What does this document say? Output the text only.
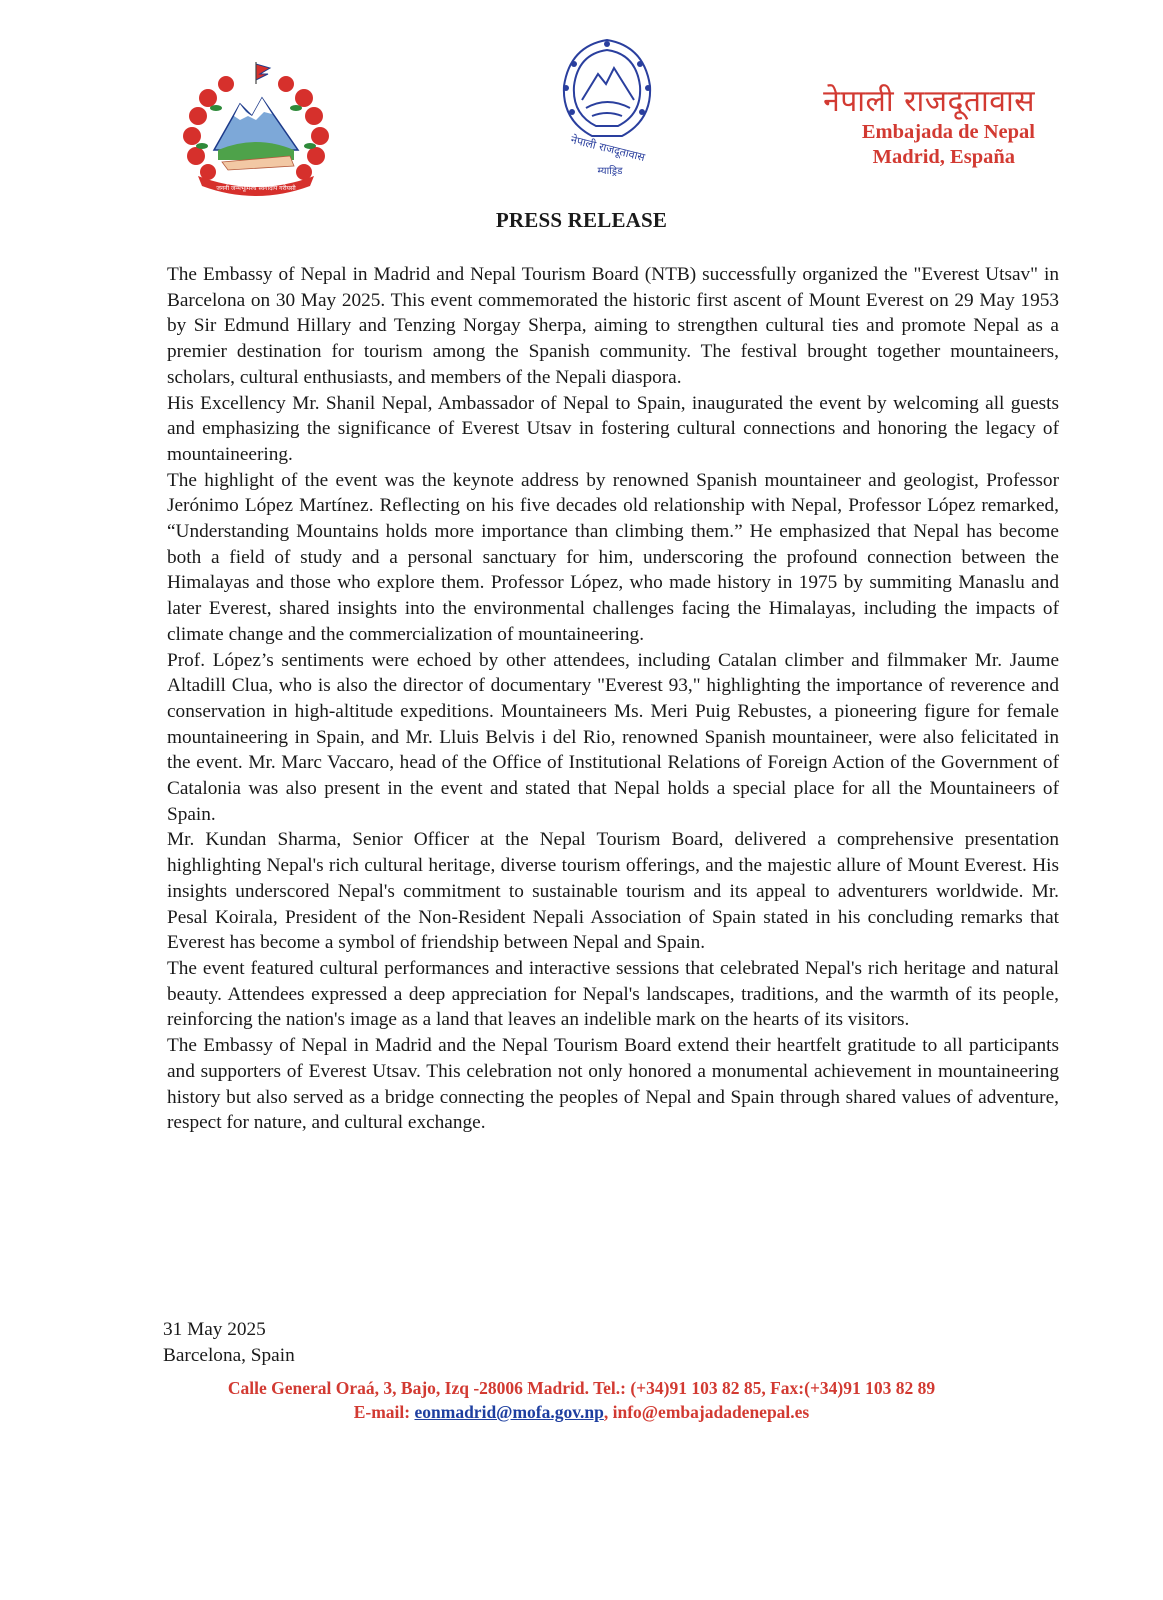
जननी जन्मभूमिश्च स्वर्गादपि गरीयसी
नेपाली राजदूतावास
म्याड्रिड
नेपाली राजदूतावास
Embajada de Nepal
Madrid, España
PRESS RELEASE

The Embassy of Nepal in Madrid and Nepal Tourism Board (NTB) successfully organized the "Everest Utsav" in Barcelona on 30 May 2025. This event commemorated the historic first ascent of Mount Everest on 29 May 1953 by Sir Edmund Hillary and Tenzing Norgay Sherpa, aiming to strengthen cultural ties and promote Nepal as a premier destination for tourism among the Spanish community. The festival brought together mountaineers, scholars, cultural enthusiasts, and members of the Nepali diaspora.

His Excellency Mr. Shanil Nepal, Ambassador of Nepal to Spain, inaugurated the event by welcoming all guests and emphasizing the significance of Everest Utsav in fostering cultural connections and honoring the legacy of mountaineering.

The highlight of the event was the keynote address by renowned Spanish mountaineer and geologist, Professor Jerónimo López Martínez. Reflecting on his five decades old relationship with Nepal, Professor López remarked, “Understanding Mountains holds more importance than climbing them.” He emphasized that Nepal has become both a field of study and a personal sanctuary for him, underscoring the profound connection between the Himalayas and those who explore them. Professor López, who made history in 1975 by summiting Manaslu and later Everest, shared insights into the environmental challenges facing the Himalayas, including the impacts of climate change and the commercialization of mountaineering.

Prof. López’s sentiments were echoed by other attendees, including Catalan climber and filmmaker Mr. Jaume Altadill Clua, who is also the director of documentary "Everest 93," highlighting the importance of reverence and conservation in high-altitude expeditions. Mountaineers Ms. Meri Puig Rebustes, a pioneering figure for female mountaineering in Spain, and Mr. Lluis Belvis i del Rio, renowned Spanish mountaineer, were also felicitated in the event. Mr. Marc Vaccaro, head of the Office of Institutional Relations of Foreign Action of the Government of Catalonia was also present in the event and stated that Nepal holds a special place for all the Mountaineers of Spain.

Mr. Kundan Sharma, Senior Officer at the Nepal Tourism Board, delivered a comprehensive presentation highlighting Nepal's rich cultural heritage, diverse tourism offerings, and the majestic allure of Mount Everest. His insights underscored Nepal's commitment to sustainable tourism and its appeal to adventurers worldwide. Mr. Pesal Koirala, President of the Non-Resident Nepali Association of Spain stated in his concluding remarks that Everest has become a symbol of friendship between Nepal and Spain.

The event featured cultural performances and interactive sessions that celebrated Nepal's rich heritage and natural beauty. Attendees expressed a deep appreciation for Nepal's landscapes, traditions, and the warmth of its people, reinforcing the nation's image as a land that leaves an indelible mark on the hearts of its visitors.

The Embassy of Nepal in Madrid and the Nepal Tourism Board extend their heartfelt gratitude to all participants and supporters of Everest Utsav. This celebration not only honored a monumental achievement in mountaineering history but also served as a bridge connecting the peoples of Nepal and Spain through shared values of adventure, respect for nature, and cultural exchange.

31 May 2025
Barcelona, Spain
Calle General Oraá, 3, Bajo, Izq -28006 Madrid. Tel.: (+34)91 103 82 85, Fax:(+34)91 103 82 89
E-mail: eonmadrid@mofa.gov.np, info@embajadadenepal.es
